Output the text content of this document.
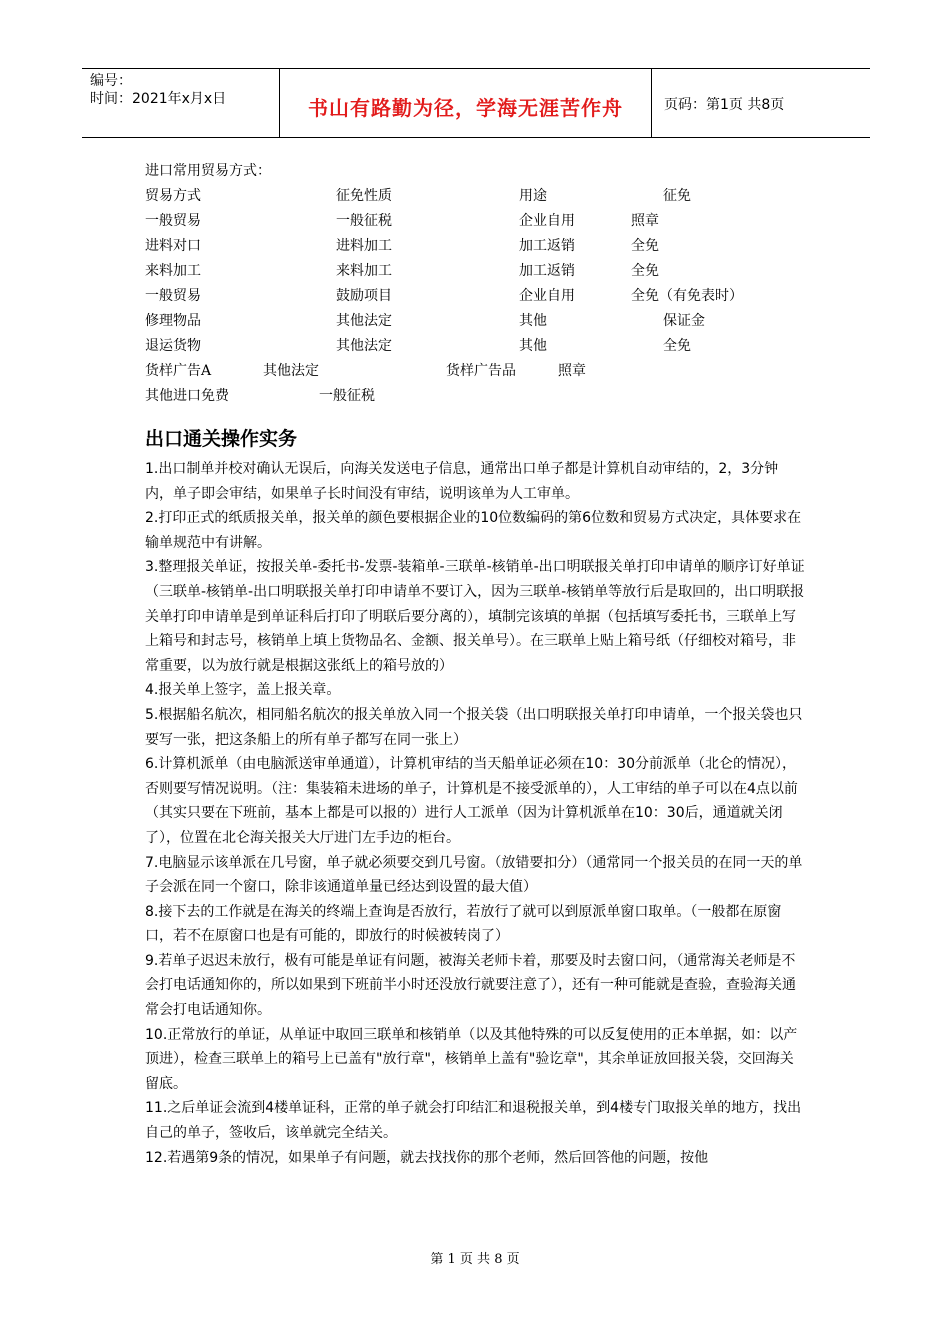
编号：
时间：2021年x月x日	书山有路勤为径，学海无涯苦作舟	页码：第1页 共8页
进口常用贸易方式：
贸易方式	征免性质	用途	征免
一般贸易	一般征税	企业自用	照章
进料对口	进料加工	加工返销	全免
来料加工	来料加工	加工返销	全免
一般贸易	鼓励项目	企业自用	全免（有免表时）
修理物品	其他法定	其他	保证金
退运货物	其他法定	其他	全免
货样广告A	其他法定	货样广告品	照章
其他进口免费	一般征税
出口通关操作实务

1.出口制单并校对确认无误后，向海关发送电子信息，通常出口单子都是计算机自动审结的，2，3分钟内，单子即会审结，如果单子长时间没有审结，说明该单为人工审单。

2.打印正式的纸质报关单，报关单的颜色要根据企业的10位数编码的第6位数和贸易方式决定，具体要求在输单规范中有讲解。

3.整理报关单证，按报关单-委托书-发票-装箱单-三联单-核销单-出口明联报关单打印申请单的顺序订好单证（三联单-核销单-出口明联报关单打印申请单不要订入，因为三联单-核销单等放行后是取回的，出口明联报关单打印申请单是到单证科后打印了明联后要分离的），填制完该填的单据（包括填写委托书，三联单上写上箱号和封志号，核销单上填上货物品名、金额、报关单号）。在三联单上贴上箱号纸（仔细校对箱号，非常重要，以为放行就是根据这张纸上的箱号放的）

4.报关单上签字，盖上报关章。

5.根据船名航次，相同船名航次的报关单放入同一个报关袋（出口明联报关单打印申请单，一个报关袋也只要写一张，把这条船上的所有单子都写在同一张上）

6.计算机派单（由电脑派送审单通道），计算机审结的当天船单证必须在10：30分前派单（北仑的情况），否则要写情况说明。（注：集装箱未进场的单子，计算机是不接受派单的），人工审结的单子可以在4点以前（其实只要在下班前，基本上都是可以报的）进行人工派单（因为计算机派单在10：30后，通道就关闭了），位置在北仑海关报关大厅进门左手边的柜台。

7.电脑显示该单派在几号窗，单子就必须要交到几号窗。（放错要扣分）（通常同一个报关员的在同一天的单子会派在同一个窗口，除非该通道单量已经达到设置的最大值）

8.接下去的工作就是在海关的终端上查询是否放行，若放行了就可以到原派单窗口取单。（一般都在原窗口，若不在原窗口也是有可能的，即放行的时候被转岗了）

9.若单子迟迟未放行，极有可能是单证有问题，被海关老师卡着，那要及时去窗口问，（通常海关老师是不会打电话通知你的，所以如果到下班前半小时还没放行就要注意了），还有一种可能就是查验，查验海关通常会打电话通知你。

10.正常放行的单证，从单证中取回三联单和核销单（以及其他特殊的可以反复使用的正本单据，如：以产顶进），检查三联单上的箱号上已盖有"放行章"，核销单上盖有"验讫章"，其余单证放回报关袋，交回海关留底。

11.之后单证会流到4楼单证科，正常的单子就会打印结汇和退税报关单，到4楼专门取报关单的地方，找出自己的单子，签收后，该单就完全结关。

12.若遇第9条的情况，如果单子有问题，就去找找你的那个老师，然后回答他的问题，按他

第 1 页 共 8 页
